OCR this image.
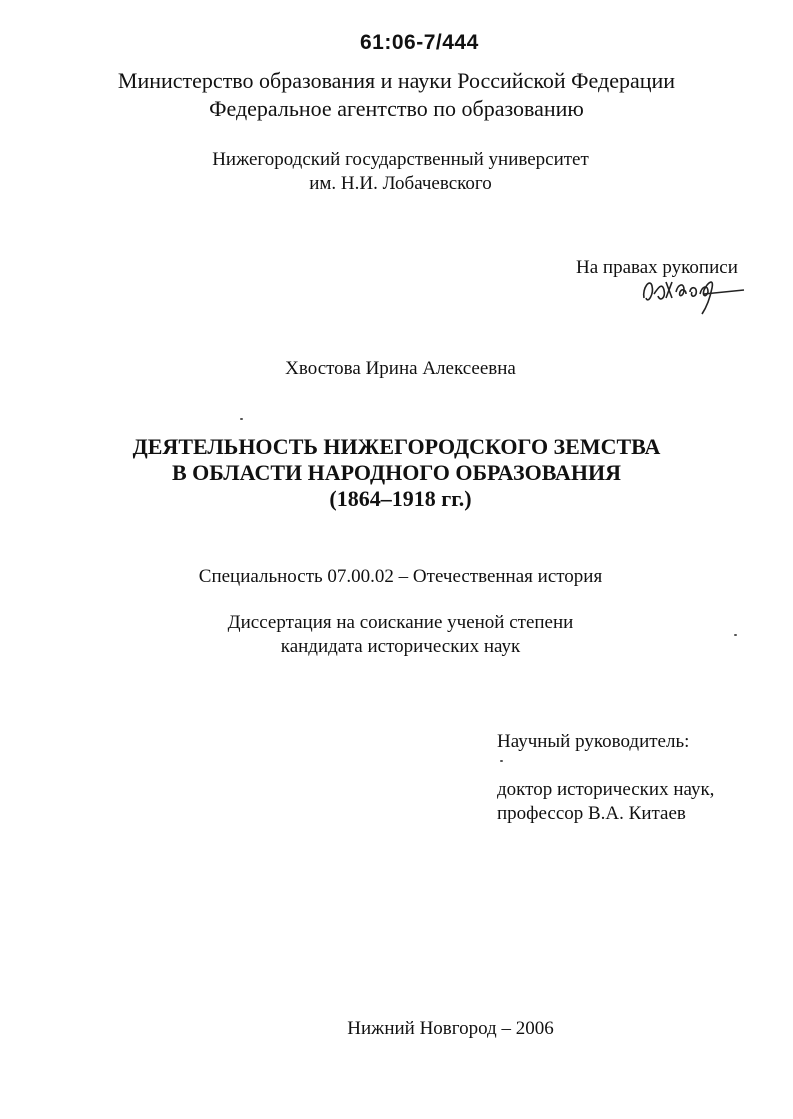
61:06-7/444
Министерство образования и науки Российской Федерации
Федеральное агентство по образованию
Нижегородский государственный университет
им. Н.И. Лобачевского
На правах рукописи
Хвостова Ирина Алексеевна
ДЕЯТЕЛЬНОСТЬ НИЖЕГОРОДСКОГО ЗЕМСТВА
В ОБЛАСТИ НАРОДНОГО ОБРАЗОВАНИЯ
(1864–1918 гг.)
Специальность 07.00.02 – Отечественная история
Диссертация на соискание ученой степени
кандидата исторических наук
Научный руководитель:
доктор исторических наук,
профессор В.А. Китаев
Нижний Новгород – 2006
